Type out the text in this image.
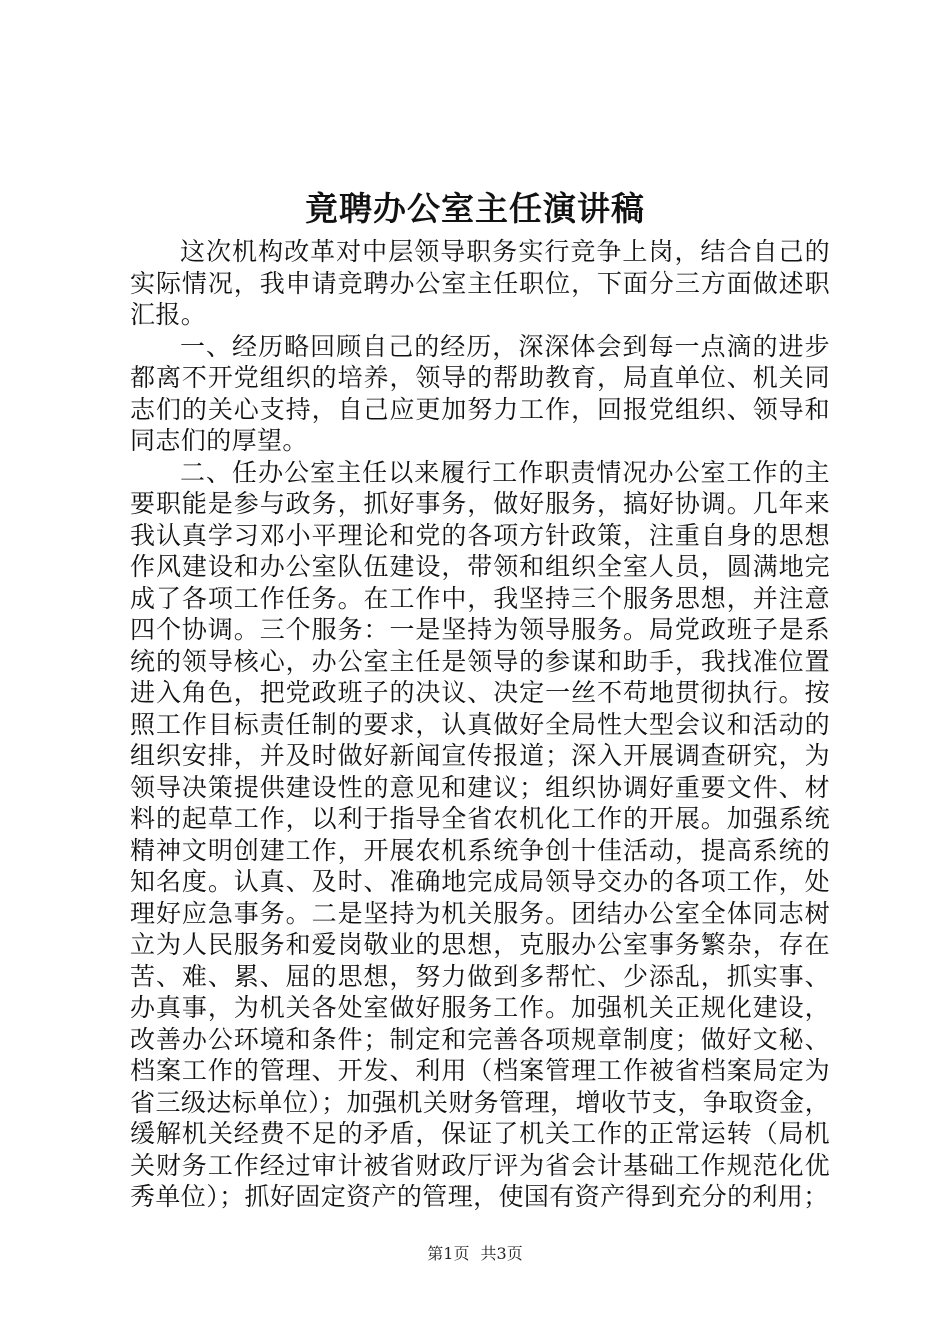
竟聘办公室主任演讲稿

这次机构改革对中层领导职务实行竞争上岗，结合自己的实际情况，我申请竞聘办公室主任职位，下面分三方面做述职汇报。

一、经历略回顾自己的经历，深深体会到每一点滴的进步都离不开党组织的培养，领导的帮助教育，局直单位、机关同志们的关心支持，自己应更加努力工作，回报党组织、领导和同志们的厚望。

二、任办公室主任以来履行工作职责情况办公室工作的主要职能是参与政务，抓好事务，做好服务，搞好协调。几年来我认真学习邓小平理论和党的各项方针政策，注重自身的思想作风建设和办公室队伍建设，带领和组织全室人员，圆满地完成了各项工作任务。在工作中，我坚持三个服务思想，并注意四个协调。三个服务：一是坚持为领导服务。局党政班子是系统的领导核心，办公室主任是领导的参谋和助手，我找准位置进入角色，把党政班子的决议、决定一丝不苟地贯彻执行。按照工作目标责任制的要求，认真做好全局性大型会议和活动的组织安排，并及时做好新闻宣传报道；深入开展调查研究，为领导决策提供建设性的意见和建议；组织协调好重要文件、材料的起草工作，以利于指导全省农机化工作的开展。加强系统精神文明创建工作，开展农机系统争创十佳活动，提高系统的知名度。认真、及时、准确地完成局领导交办的各项工作，处理好应急事务。二是坚持为机关服务。团结办公室全体同志树立为人民服务和爱岗敬业的思想，克服办公室事务繁杂，存在苦、难、累、屈的思想，努力做到多帮忙、少添乱，抓实事、办真事，为机关各处室做好服务工作。加强机关正规化建设，改善办公环境和条件；制定和完善各项规章制度；做好文秘、档案工作的管理、开发、利用（档案管理工作被省档案局定为省三级达标单位）；加强机关财务管理，增收节支，争取资金，缓解机关经费不足的矛盾，保证了机关工作的正常运转（局机关财务工作经过审计被省财政厅评为省会计基础工作规范化优秀单位）；抓好固定资产的管理，使国有资产得到充分的利用；

第1页 共3页
